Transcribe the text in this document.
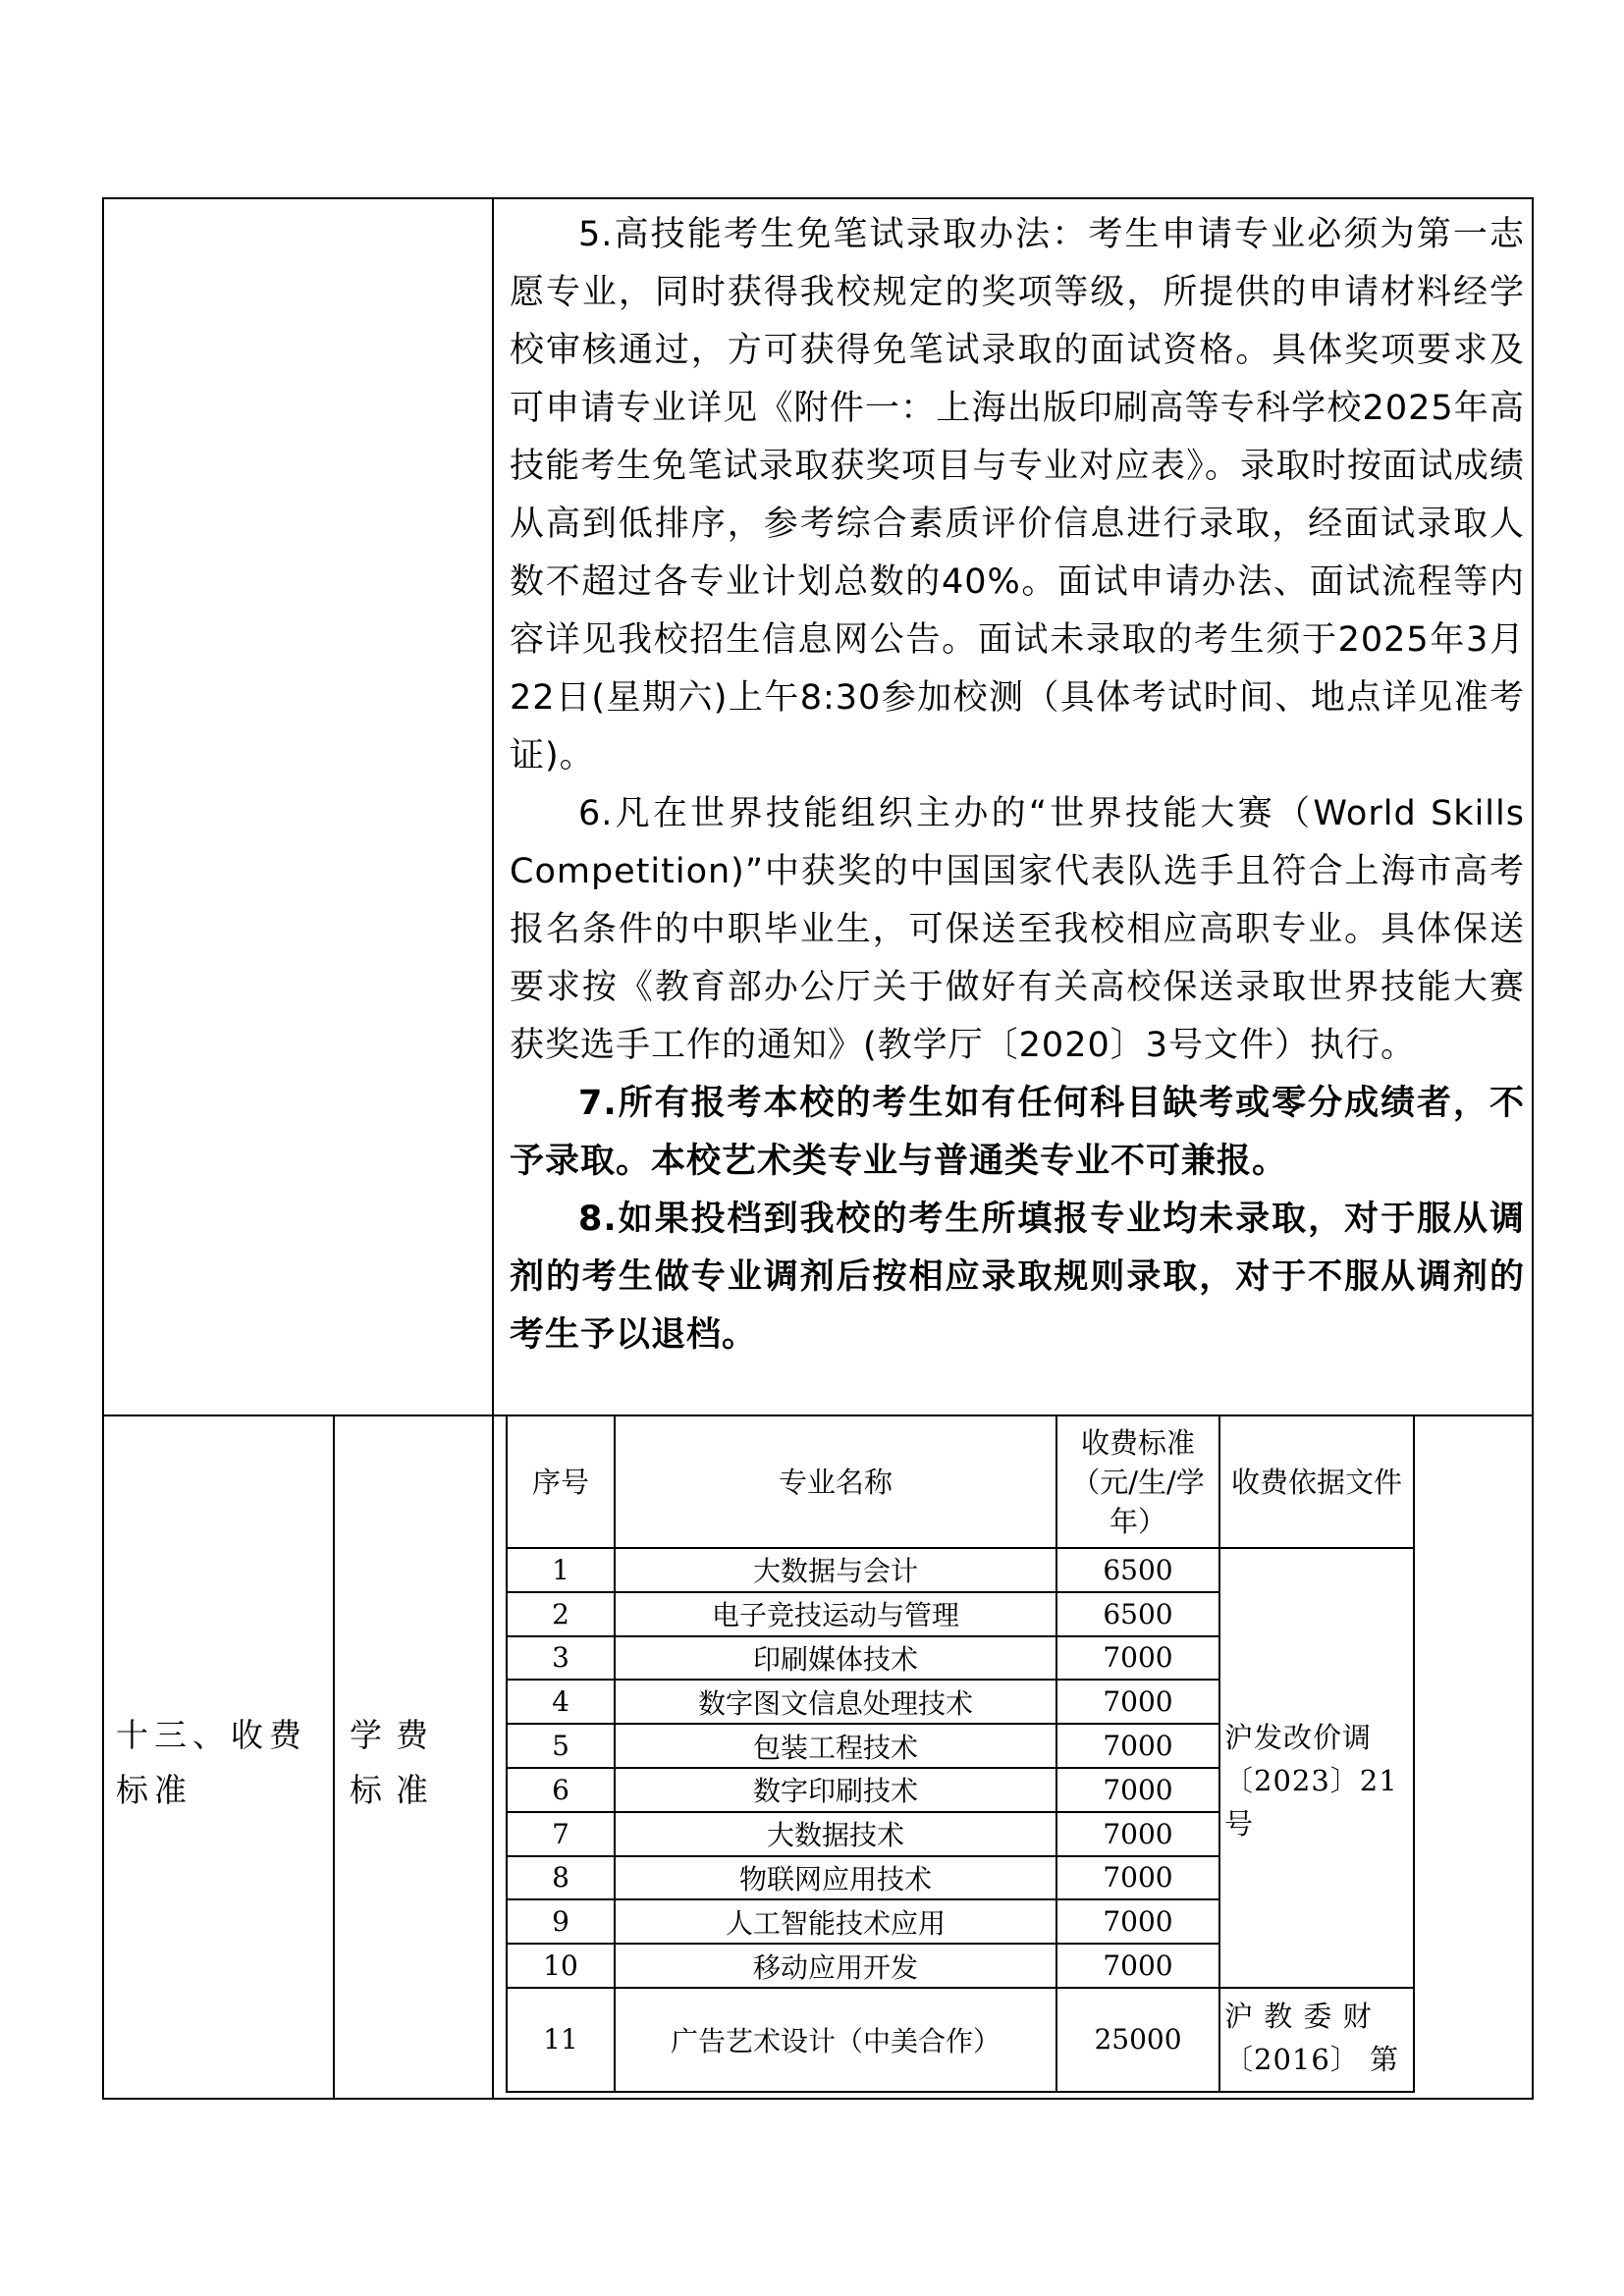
5.高技能考生免笔试录取办法：考生申请专业必须为第一志愿专业，同时获得我校规定的奖项等级，所提供的申请材料经学校审核通过，方可获得免笔试录取的面试资格。具体奖项要求及可申请专业详见《附件一：上海出版印刷高等专科学校2025年高技能考生免笔试录取获奖项目与专业对应表》。录取时按面试成绩从高到低排序，参考综合素质评价信息进行录取，经面试录取人数不超过各专业计划总数的40%。面试申请办法、面试流程等内容详见我校招生信息网公告。面试未录取的考生须于2025年3月22日(星期六)上午8:30参加校测（具体考试时间、地点详见准考证)。

6.凡在世界技能组织主办的“世界技能大赛（World Skills Competition)”中获奖的中国国家代表队选手且符合上海市高考报名条件的中职毕业生，可保送至我校相应高职专业。具体保送要求按《教育部办公厅关于做好有关高校保送录取世界技能大赛获奖选手工作的通知》(教学厅〔2020〕3号文件）执行。

7.所有报考本校的考生如有任何科目缺考或零分成绩者，不予录取。本校艺术类专业与普通类专业不可兼报。

8.如果投档到我校的考生所填报专业均未录取，对于服从调剂的考生做专业调剂后按相应录取规则录取，对于不服从调剂的考生予以退档。

十三、收费标准
学费标准
序号	专业名称	收费标准（元/生/学年）	收费依据文件
1	大数据与会计	6500	沪发改价调
〔2023〕21
号

2	电子竞技运动与管理	6500	
3	印刷媒体技术	7000	
4	数字图文信息处理技术	7000	
5	包装工程技术	7000	
6	数字印刷技术	7000	
7	大数据技术	7000	
8	物联网应用技术	7000	
9	人工智能技术应用	7000	
10	移动应用开发	7000	
11	广告艺术设计（中美合作）	25000	沪 教 委 财
〔2016〕 第
